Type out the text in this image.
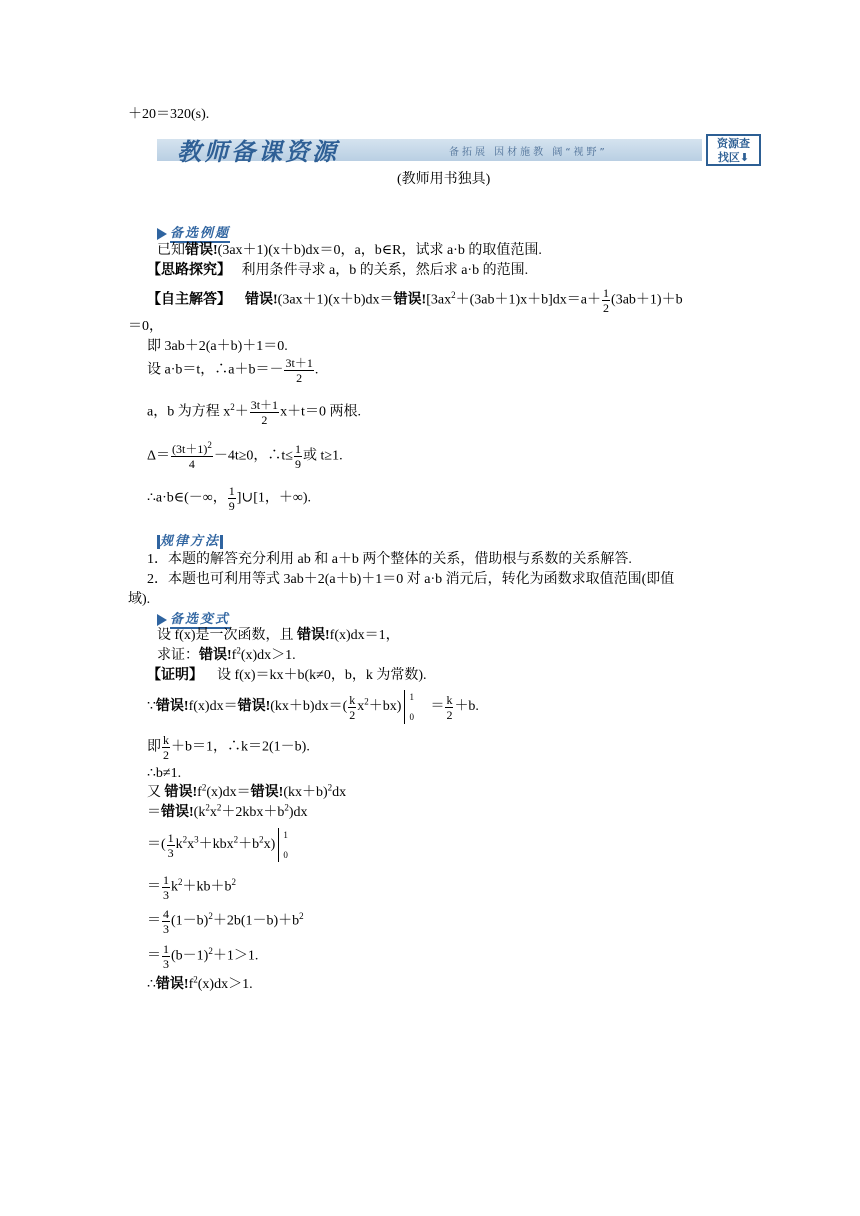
＋20＝320(s).
教师备课资源	备拓展 因材施教 阔“视野”
资源查
找区⬇
(教师用书独具)
备选例题
已知错误!(3ax＋1)(x＋b)dx＝0，a，b∈R，试求 a·b 的取值范围.
【思路探究】 利用条件寻求 a，b 的关系，然后求 a·b 的范围.
【自主解答】 错误!(3ax＋1)(x＋b)dx＝错误$![3ax^2+(3ab+1)x+b]dx=a+ \frac{1}{2} (3ab+1)+b$
＝0，
即 3ab＋2(a＋b)＋1＝0.
设 a·b＝t，∴a＋b＝－ $\frac{3t+1}{2}$ .
a，b 为方程 $x^2+ \frac{3t+1}{2} x+t=0$ 两根.
$\Delta= \frac{(3t+1)^2}{4} -4t\ge 0$，∴t≤ $\frac{1}{9}$ 或 t≥1.
∴a·b∈(－∞， $\frac{1}{9}$ ]∪[1，＋∞).
规律方法
1．本题的解答充分利用 ab 和 a＋b 两个整体的关系，借助根与系数的关系解答.
2．本题也可利用等式 3ab＋2(a＋b)＋1＝0 对 a·b 消元后，转化为函数求取值范围(即值
域).
备选变式
设 f(x)是一次函数，且 错误!f(x)dx＝1，
求证：错误$!f^2(x)dx>1$.
【证明】 设 f(x)＝kx＋b(k≠0，b，k 为常数).
∵错误!f(x)dx＝错误$!(kx+b)dx=( \frac{k}{2} x^2+bx)$
1
0
＝ $\frac{k}{2} +b$.
即 $\frac{k}{2} +b=1$，∴k＝2(1－b).
∴b≠1.
又 错误$!f^2(x)dx=$错误$!(kx+b)^2dx$
＝错误$!(k^2x^2+2kbx+b^2)dx$
＝( $\frac{1}{3} k^2x^3+kbx^2+b^2x$)
1
0
＝ $\frac{1}{3} k^2+kb+b^2$
＝ $\frac{4}{3} (1-b)^2+2b(1-b)+b^2$
＝ $\frac{1}{3} (b-1)^2+1>1$.
∴错误$!f^2(x)dx>1$.
